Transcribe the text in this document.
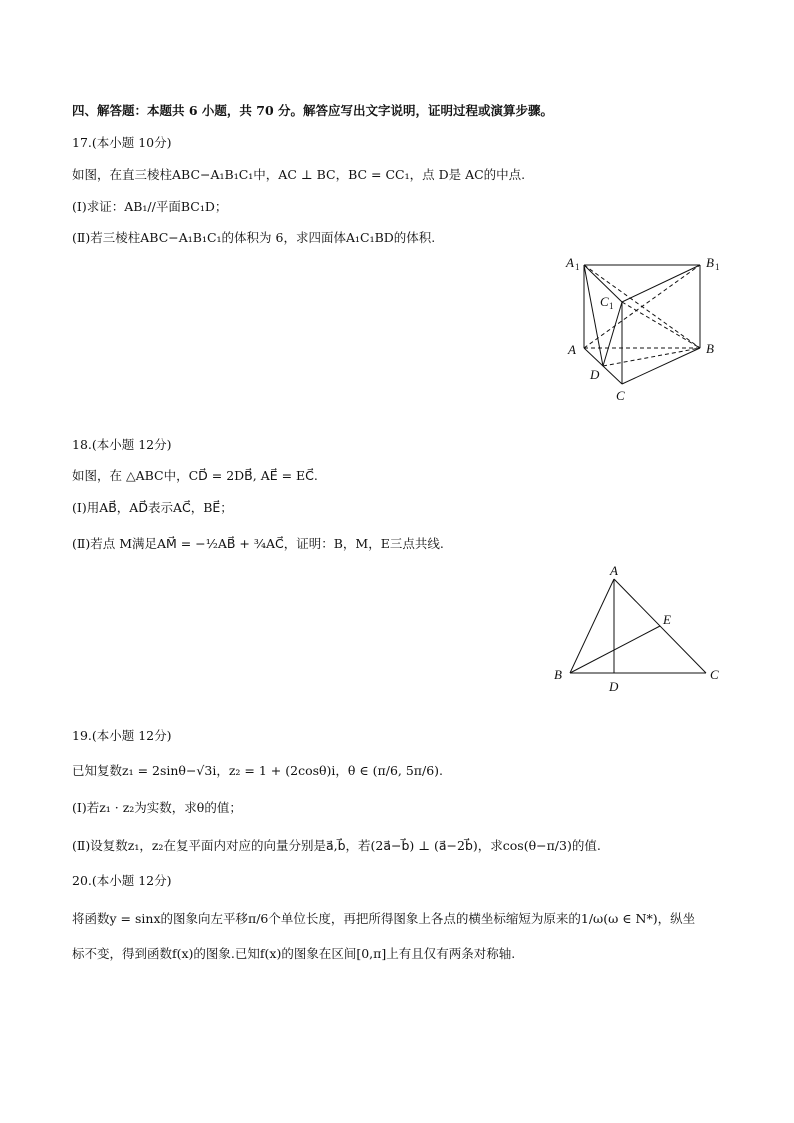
四、解答题：本题共 6 小题，共 70 分。解答应写出文字说明，证明过程或演算步骤。
17.(本小题 10分)
如图，在直三棱柱ABC−A₁B₁C₁中，AC ⊥ BC，BC = CC₁，点 D是 AC的中点.
(Ⅰ)求证：AB₁//平面BC₁D；
(Ⅱ)若三棱柱ABC−A₁B₁C₁的体积为 6，求四面体A₁C₁BD的体积.
A 1	B 1
C 1
A	B
D
C
18.(本小题 12分)
如图，在 △ABC中，CD⃗ = 2DB⃗, AE⃗ = EC⃗.
(Ⅰ)用AB⃗，AD⃗表示AC⃗，BE⃗；
(Ⅱ)若点 M满足AM⃗ = −½AB⃗ + ¾AC⃗，证明：B，M，E三点共线.
A
E
B	C
D
19.(本小题 12分)
已知复数z₁ = 2sinθ−√3i，z₂ = 1 + (2cosθ)i，θ ∈ (π/6, 5π/6).
(Ⅰ)若z₁ · z₂为实数，求θ的值；
(Ⅱ)设复数z₁，z₂在复平面内对应的向量分别是a⃗,b⃗，若(2a⃗−b⃗) ⊥ (a⃗−2b⃗)，求cos(θ−π/3)的值.
20.(本小题 12分)
将函数y = sinx的图象向左平移π/6个单位长度，再把所得图象上各点的横坐标缩短为原来的1/ω(ω ∈ N*)，纵坐
标不变，得到函数f(x)的图象.已知f(x)的图象在区间[0,π]上有且仅有两条对称轴.
